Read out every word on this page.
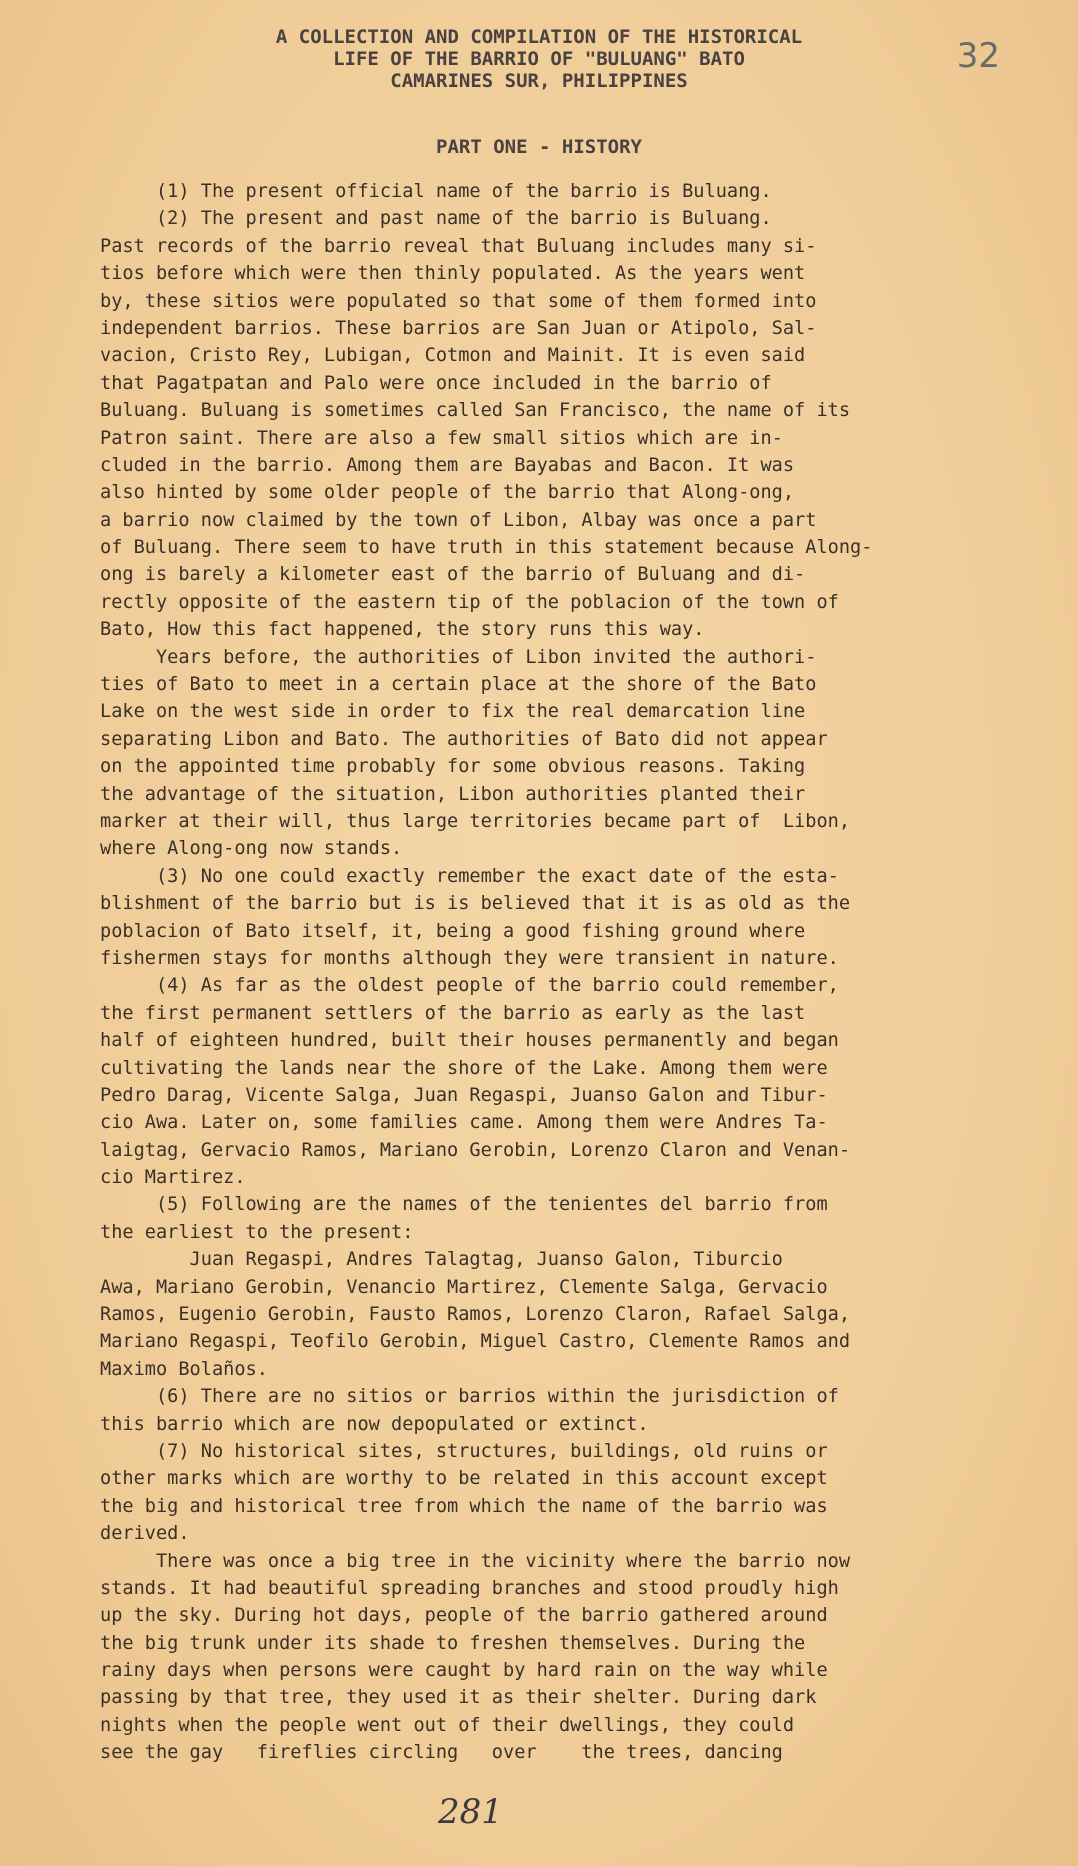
A COLLECTION AND COMPILATION OF THE HISTORICAL
LIFE OF THE BARRIO OF "BULUANG" BATO
CAMARINES SUR, PHILIPPINES
32
PART ONE - HISTORY
(1) The present official name of the barrio is Buluang.
(2) The present and past name of the barrio is Buluang.
Past records of the barrio reveal that Buluang includes many si-
tios before which were then thinly populated. As the years went
by, these sitios were populated so that some of them formed into
independent barrios. These barrios are San Juan or Atipolo, Sal-
vacion, Cristo Rey, Lubigan, Cotmon and Mainit. It is even said
that Pagatpatan and Palo were once included in the barrio of
Buluang. Buluang is sometimes called San Francisco, the name of its
Patron saint. There are also a few small sitios which are in-
cluded in the barrio. Among them are Bayabas and Bacon. It was
also hinted by some older people of the barrio that Along-ong,
a barrio now claimed by the town of Libon, Albay was once a part
of Buluang. There seem to have truth in this statement because Along-
ong is barely a kilometer east of the barrio of Buluang and di-
rectly opposite of the eastern tip of the poblacion of the town of
Bato, How this fact happened, the story runs this way.
Years before, the authorities of Libon invited the authori-
ties of Bato to meet in a certain place at the shore of the Bato
Lake on the west side in order to fix the real demarcation line
separating Libon and Bato. The authorities of Bato did not appear
on the appointed time probably for some obvious reasons. Taking
the advantage of the situation, Libon authorities planted their
marker at their will, thus large territories became part of  Libon,
where Along-ong now stands.
(3) No one could exactly remember the exact date of the esta-
blishment of the barrio but is is believed that it is as old as the
poblacion of Bato itself, it, being a good fishing ground where
fishermen stays for months although they were transient in nature.
(4) As far as the oldest people of the barrio could remember,
the first permanent settlers of the barrio as early as the last
half of eighteen hundred, built their houses permanently and began
cultivating the lands near the shore of the Lake. Among them were
Pedro Darag, Vicente Salga, Juan Regaspi, Juanso Galon and Tibur-
cio Awa. Later on, some families came. Among them were Andres Ta-
laigtag, Gervacio Ramos, Mariano Gerobin, Lorenzo Claron and Venan-
cio Martirez.
(5) Following are the names of the tenientes del barrio from
the earliest to the present:
Juan Regaspi, Andres Talagtag, Juanso Galon, Tiburcio
Awa, Mariano Gerobin, Venancio Martirez, Clemente Salga, Gervacio
Ramos, Eugenio Gerobin, Fausto Ramos, Lorenzo Claron, Rafael Salga,
Mariano Regaspi, Teofilo Gerobin, Miguel Castro, Clemente Ramos and
Maximo Bolaños.
(6) There are no sitios or barrios within the jurisdiction of
this barrio which are now depopulated or extinct.
(7) No historical sites, structures, buildings, old ruins or
other marks which are worthy to be related in this account except
the big and historical tree from which the name of the barrio was
derived.
There was once a big tree in the vicinity where the barrio now
stands. It had beautiful spreading branches and stood proudly high
up the sky. During hot days, people of the barrio gathered around
the big trunk under its shade to freshen themselves. During the
rainy days when persons were caught by hard rain on the way while
passing by that tree, they used it as their shelter. During dark
nights when the people went out of their dwellings, they could
see the gay   fireflies circling   over    the trees, dancing
281
